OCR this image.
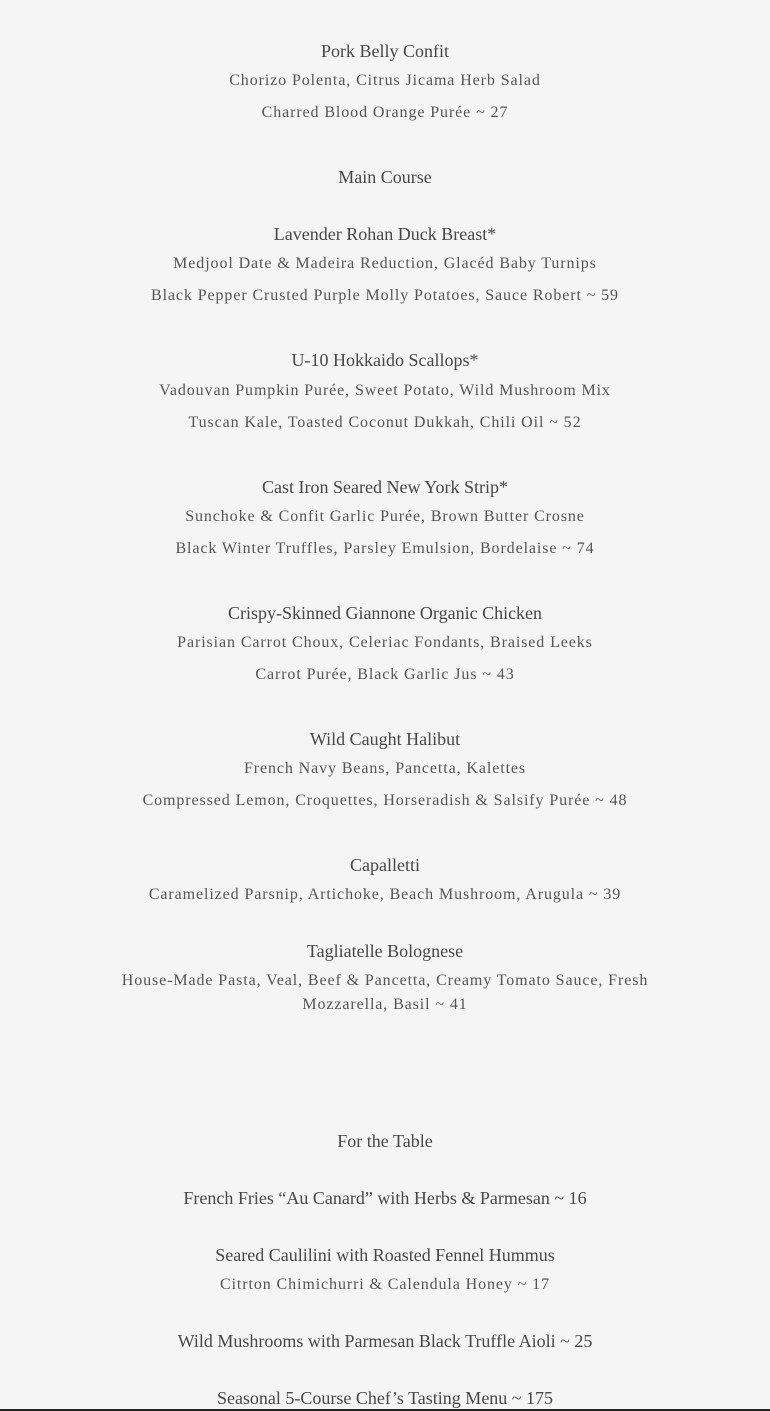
Pork Belly Confit
Chorizo Polenta, Citrus Jicama Herb Salad
Charred Blood Orange Purée ~ 27
Main Course
Lavender Rohan Duck Breast*
Medjool Date & Madeira Reduction, Glacéd Baby Turnips
Black Pepper Crusted Purple Molly Potatoes, Sauce Robert ~ 59
U-10 Hokkaido Scallops*
Vadouvan Pumpkin Purée, Sweet Potato, Wild Mushroom Mix
Tuscan Kale, Toasted Coconut Dukkah, Chili Oil ~ 52
Cast Iron Seared New York Strip*
Sunchoke & Confit Garlic Purée, Brown Butter Crosne
Black Winter Truffles, Parsley Emulsion, Bordelaise ~ 74
Crispy-Skinned Giannone Organic Chicken
Parisian Carrot Choux, Celeriac Fondants, Braised Leeks
Carrot Purée, Black Garlic Jus ~ 43
Wild Caught Halibut
French Navy Beans, Pancetta, Kalettes
Compressed Lemon, Croquettes, Horseradish & Salsify Purée ~ 48
Capalletti
Caramelized Parsnip, Artichoke, Beach Mushroom, Arugula ~ 39
Tagliatelle Bolognese
House-Made Pasta, Veal, Beef & Pancetta, Creamy Tomato Sauce, Fresh Mozzarella, Basil ~ 41
For the Table
French Fries “Au Canard” with Herbs & Parmesan ~ 16
Seared Caulilini with Roasted Fennel Hummus
Citrton Chimichurri & Calendula Honey ~ 17
Wild Mushrooms with Parmesan Black Truffle Aioli ~ 25
Seasonal 5-Course Chef’s Tasting Menu ~ 175
